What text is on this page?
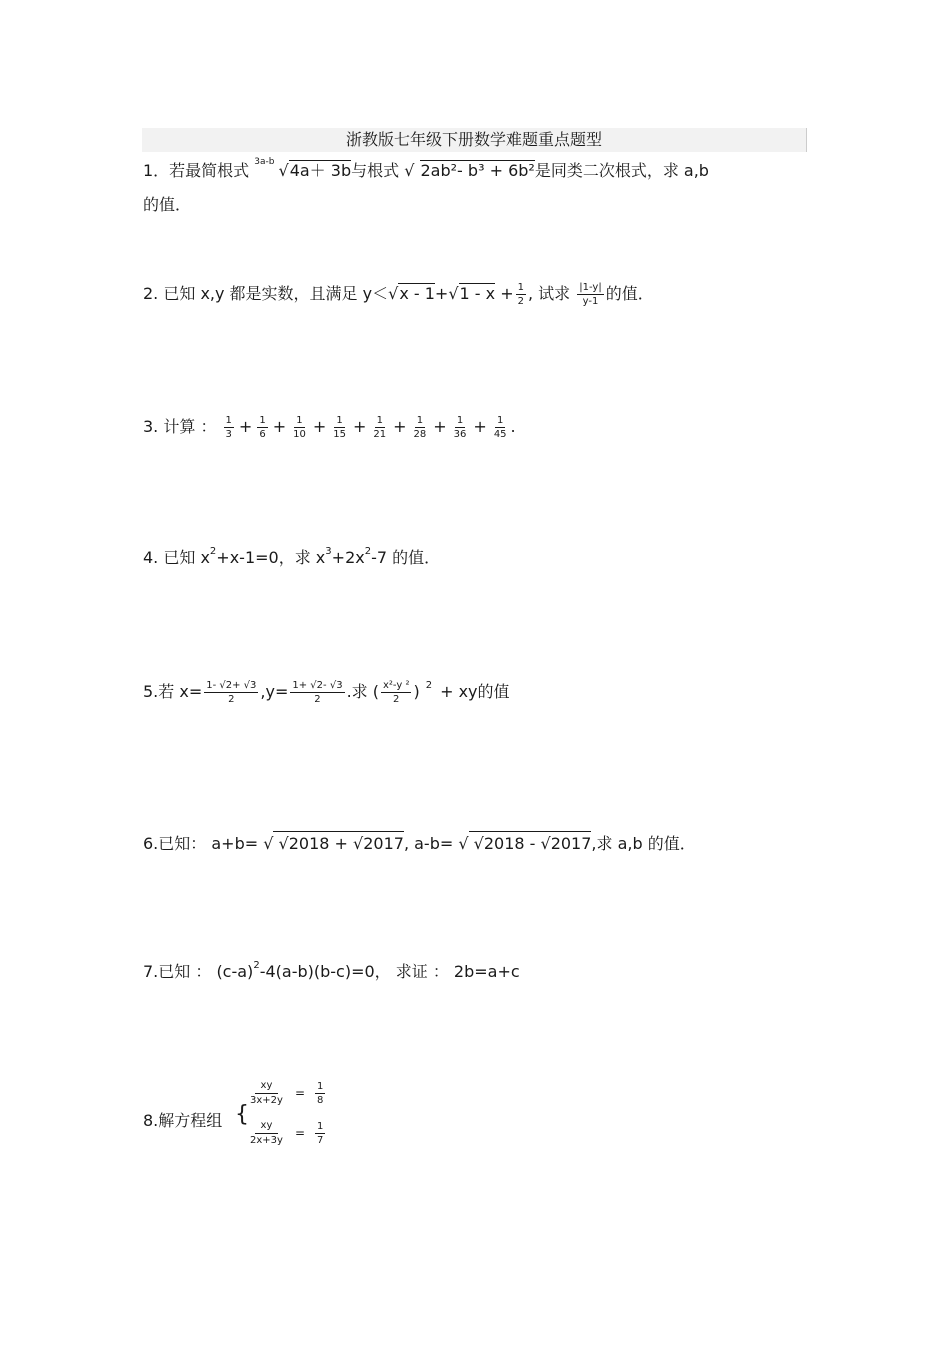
浙教版七年级下册数学难题重点题型
1．若最简根式 $^{3a-b}$ √4a＋ 3b与根式 √ 2ab²- b³ + 6b²是同类二次根式，求 a,b
的值．
2. 已知 x,y 都是实数，且满足 $y<√x - 1+√1 - x + \frac{1}{2}$ , 试求 $\frac{|1-y|}{y-1}$ 的值．
3. 计算 ： $\frac{1}{3} + \frac{1}{6} + \frac{1}{10} + \frac{1}{15} + \frac{1}{21} + \frac{1}{28} + \frac{1}{36} + \frac{1}{45}$ .
4. 已知 $x^2+x-1=0$，求 $x^3+2x^2-7$ 的值．
5.若 $x= \frac{1- √2+ √3}{2} ,y= \frac{1+ √2- √3}{2}$ .求 ( $\frac{\text{x²-y ²}}{2}$ ) $^2$ + xy的值
6.已知： a+b= √ √2018 + √2017, a-b= √ √2018 - √2017,求 a,b 的值．
7.已知 ： $(c-a)^2-4(a-b)(b-c)=0$， 求证 ： 2b=a+c
8.解方程组 {
$\frac{xy}{3x+2y} = \frac{1}{8}$
$\frac{xy}{2x+3y} = \frac{1}{7}$
